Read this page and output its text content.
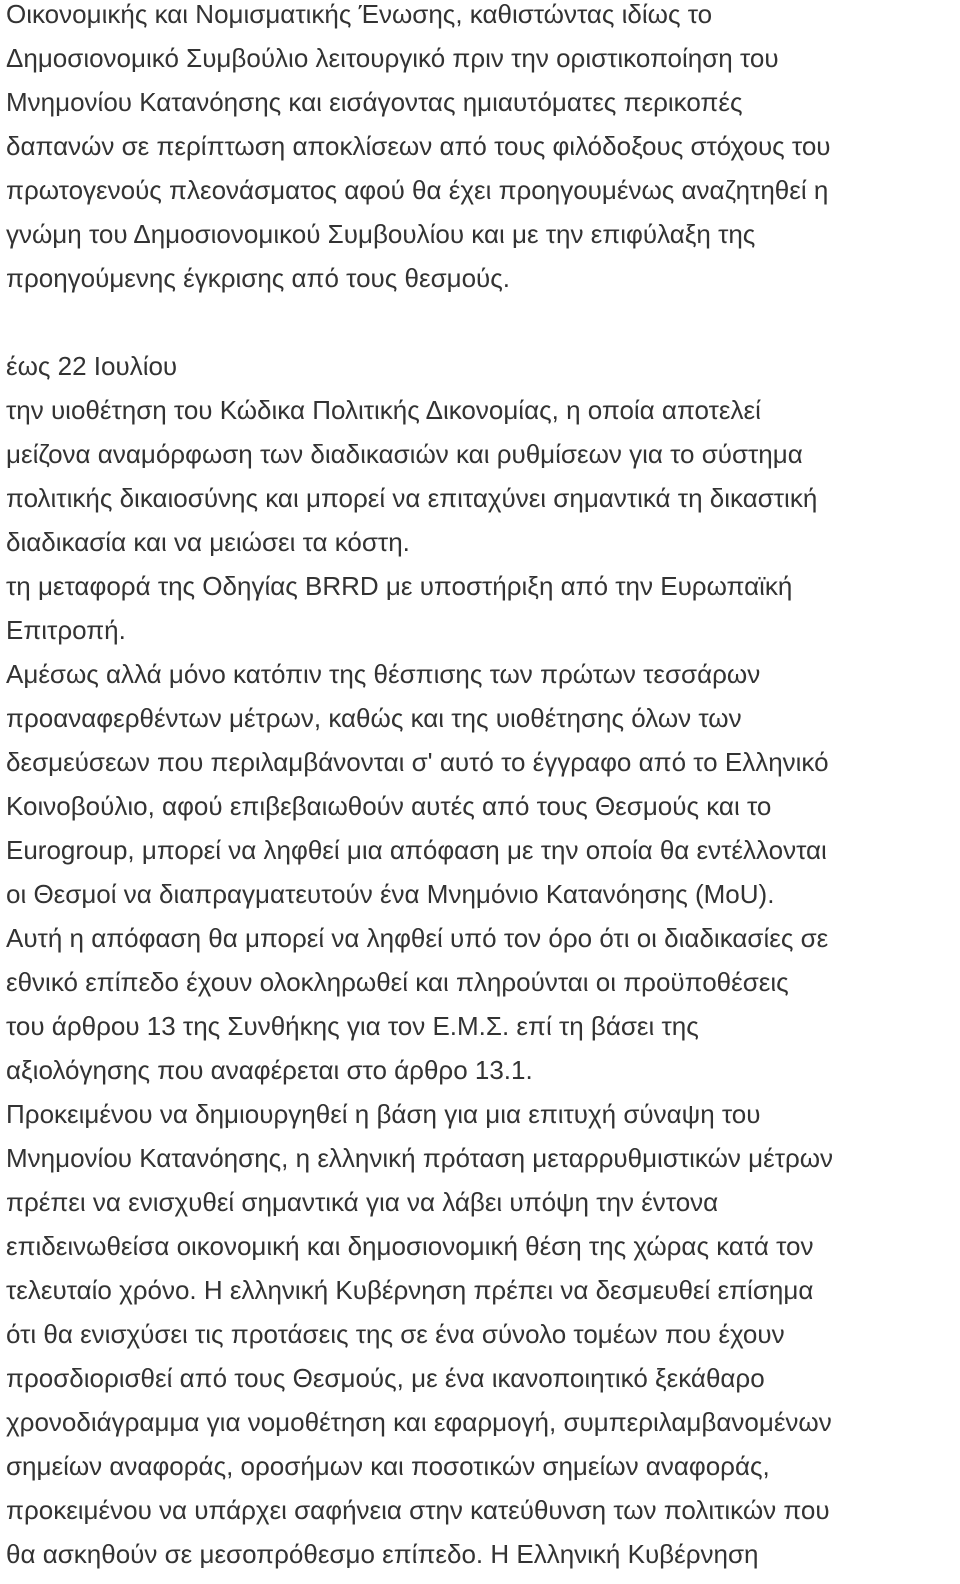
Οικονομικής και Νομισματικής Ένωσης, καθιστώντας ιδίως το
Δημοσιονομικό Συμβούλιο λειτουργικό πριν την οριστικοποίηση του
Μνημονίου Κατανόησης και εισάγοντας ημιαυτόματες περικοπές
δαπανών σε περίπτωση αποκλίσεων από τους φιλόδοξους στόχους του
πρωτογενούς πλεονάσματος αφού θα έχει προηγουμένως αναζητηθεί η
γνώμη του Δημοσιονομικού Συμβουλίου και με την επιφύλαξη της
προηγούμενης έγκρισης από τους θεσμούς.
έως 22 Ιουλίου
την υιοθέτηση του Κώδικα Πολιτικής Δικονομίας, η οποία αποτελεί
μείζονα αναμόρφωση των διαδικασιών και ρυθμίσεων για το σύστημα
πολιτικής δικαιοσύνης και μπορεί να επιταχύνει σημαντικά τη δικαστική
διαδικασία και να μειώσει τα κόστη.
τη μεταφορά της Οδηγίας BRRD με υποστήριξη από την Ευρωπαϊκή
Επιτροπή.
Αμέσως αλλά μόνο κατόπιν της θέσπισης των πρώτων τεσσάρων
προαναφερθέντων μέτρων, καθώς και της υιοθέτησης όλων των
δεσμεύσεων που περιλαμβάνονται σ' αυτό το έγγραφο από το Ελληνικό
Κοινοβούλιο, αφού επιβεβαιωθούν αυτές από τους Θεσμούς και το
Eurogroup, μπορεί να ληφθεί μια απόφαση με την οποία θα εντέλλονται
οι Θεσμοί να διαπραγματευτούν ένα Μνημόνιο Κατανόησης (MoU).
Αυτή η απόφαση θα μπορεί να ληφθεί υπό τον όρο ότι οι διαδικασίες σε
εθνικό επίπεδο έχουν ολοκληρωθεί και πληρούνται οι προϋποθέσεις
του άρθρου 13 της Συνθήκης για τον Ε.Μ.Σ. επί τη βάσει της
αξιολόγησης που αναφέρεται στο άρθρο 13.1.
Προκειμένου να δημιουργηθεί η βάση για μια επιτυχή σύναψη του
Μνημονίου Κατανόησης, η ελληνική πρόταση μεταρρυθμιστικών μέτρων
πρέπει να ενισχυθεί σημαντικά για να λάβει υπόψη την έντονα
επιδεινωθείσα οικονομική και δημοσιονομική θέση της χώρας κατά τον
τελευταίο χρόνο. Η ελληνική Κυβέρνηση πρέπει να δεσμευθεί επίσημα
ότι θα ενισχύσει τις προτάσεις της σε ένα σύνολο τομέων που έχουν
προσδιορισθεί από τους Θεσμούς, με ένα ικανοποιητικό ξεκάθαρο
χρονοδιάγραμμα για νομοθέτηση και εφαρμογή, συμπεριλαμβανομένων
σημείων αναφοράς, οροσήμων και ποσοτικών σημείων αναφοράς,
προκειμένου να υπάρχει σαφήνεια στην κατεύθυνση των πολιτικών που
θα ασκηθούν σε μεσοπρόθεσμο επίπεδο. Η Ελληνική Κυβέρνηση
